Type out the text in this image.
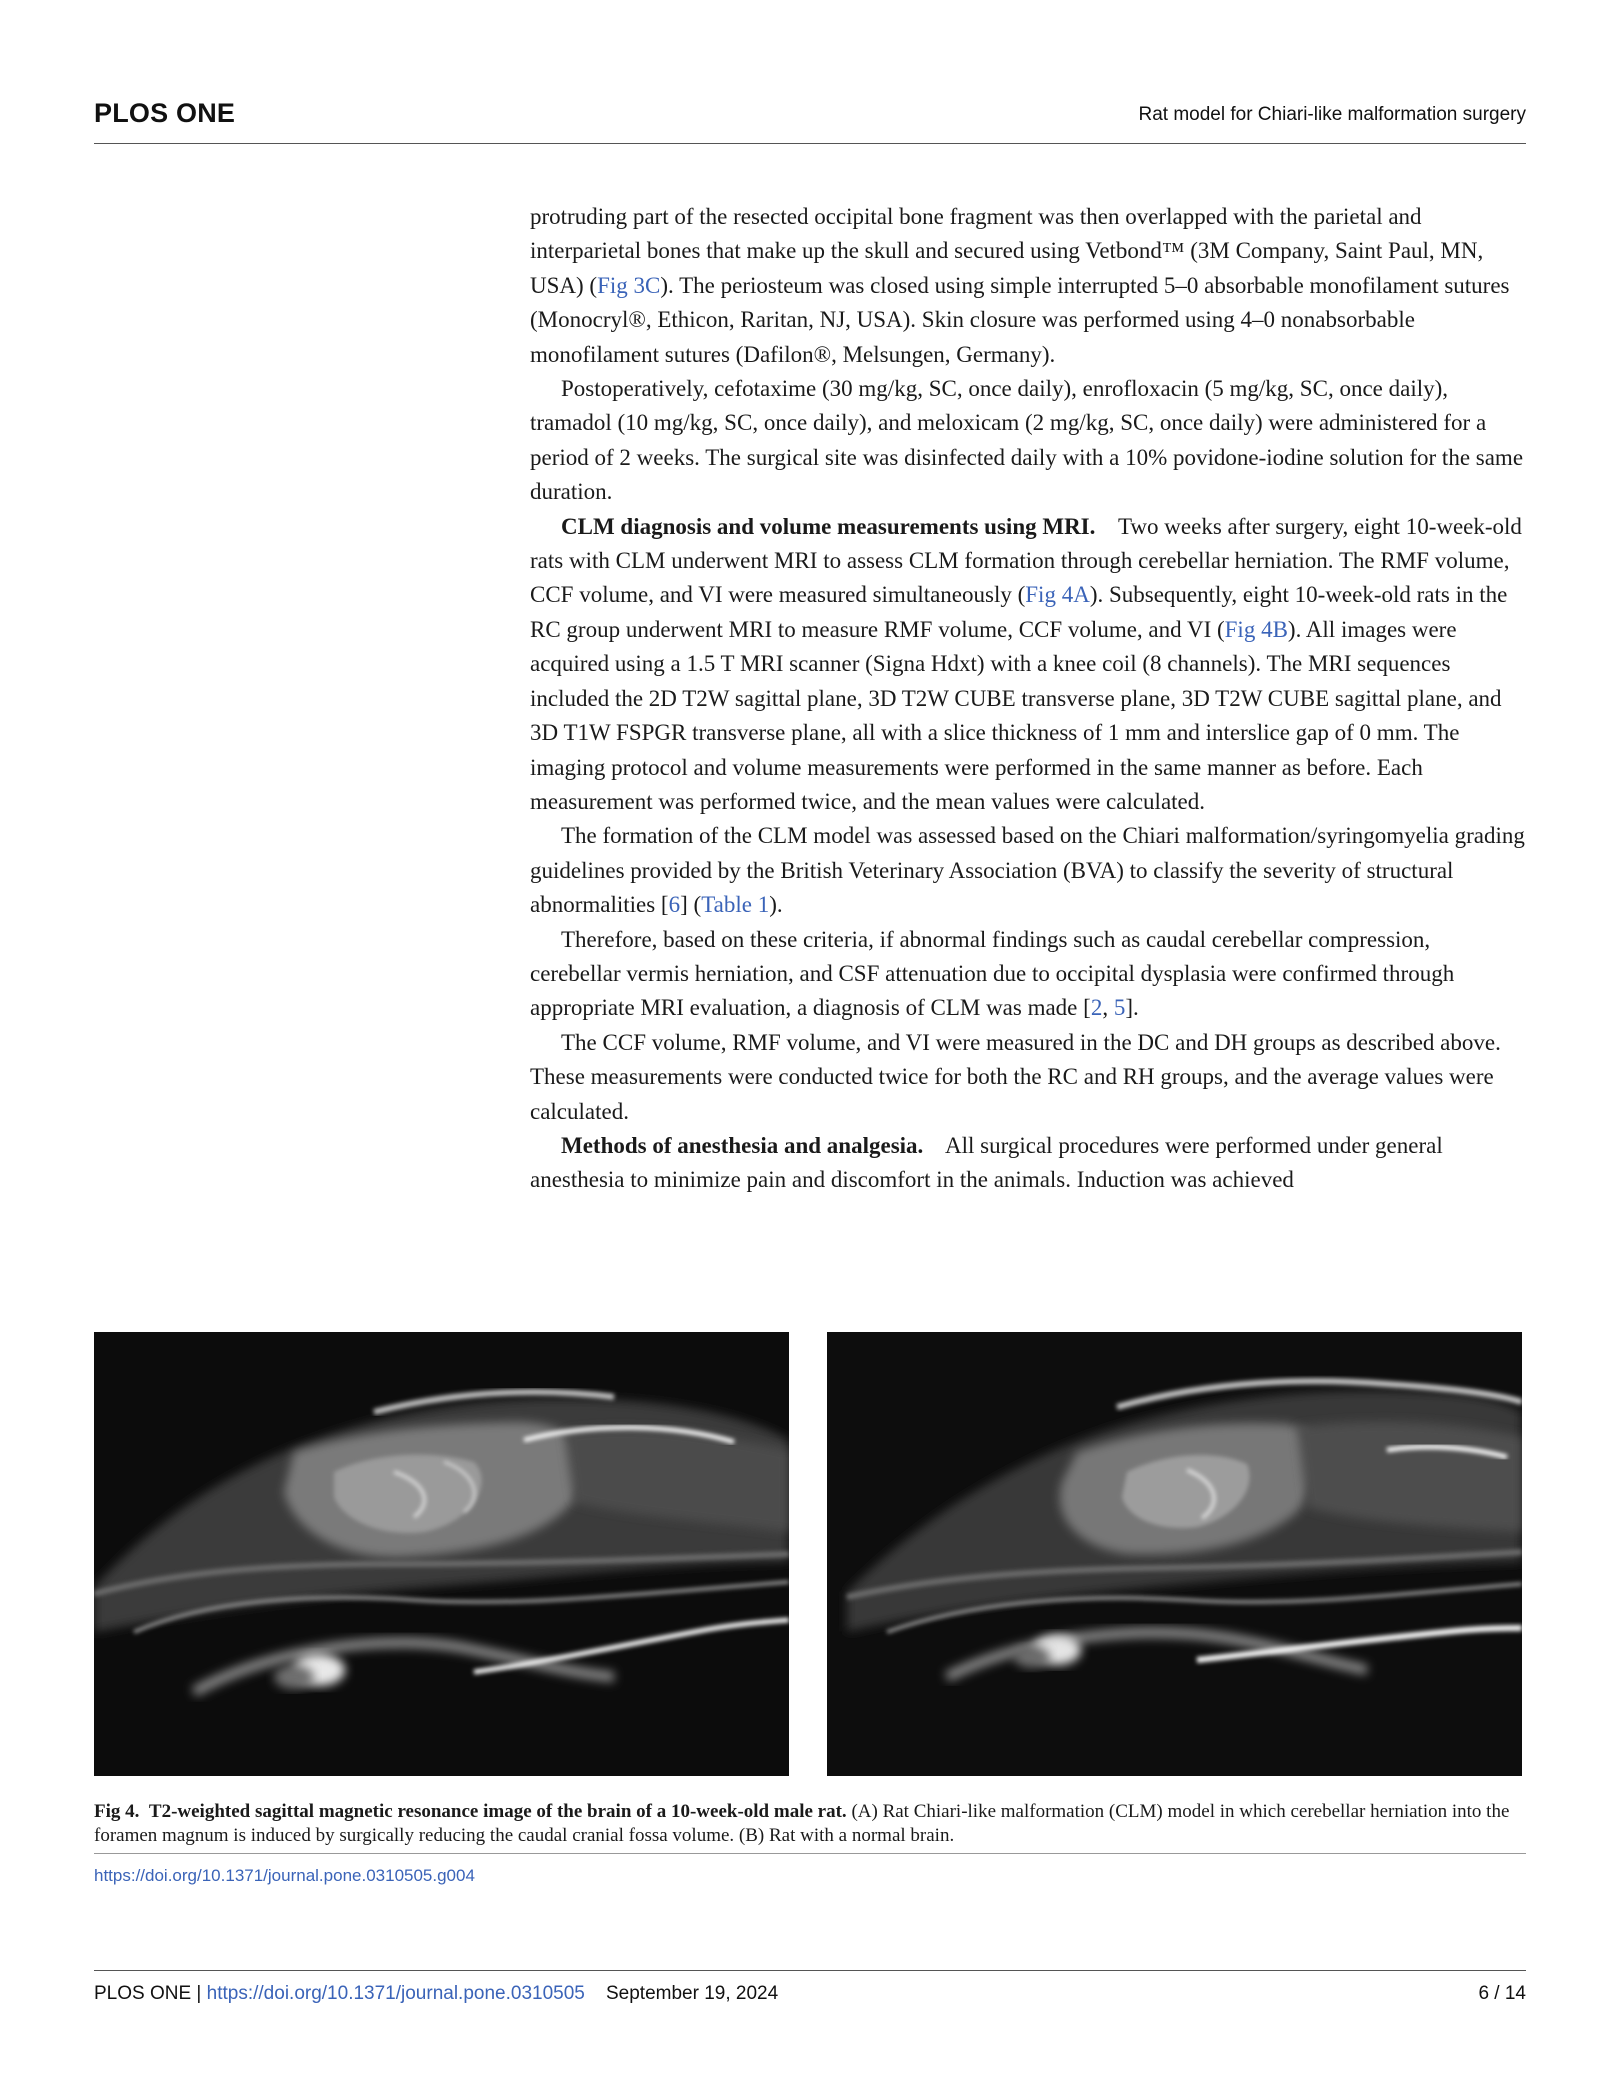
PLOS ONE	Rat model for Chiari-like malformation surgery

protruding part of the resected occipital bone fragment was then overlapped with the parietal and interparietal bones that make up the skull and secured using Vetbond™ (3M Company, Saint Paul, MN, USA) (Fig 3C). The periosteum was closed using simple interrupted 5–0 absorbable monofilament sutures (Monocryl®, Ethicon, Raritan, NJ, USA). Skin closure was performed using 4–0 nonabsorbable monofilament sutures (Dafilon®, Melsungen, Germany).

Postoperatively, cefotaxime (30 mg/kg, SC, once daily), enrofloxacin (5 mg/kg, SC, once daily), tramadol (10 mg/kg, SC, once daily), and meloxicam (2 mg/kg, SC, once daily) were administered for a period of 2 weeks. The surgical site was disinfected daily with a 10% povidone-iodine solution for the same duration.

CLM diagnosis and volume measurements using MRI. Two weeks after surgery, eight 10-week-old rats with CLM underwent MRI to assess CLM formation through cerebellar herniation. The RMF volume, CCF volume, and VI were measured simultaneously (Fig 4A). Subsequently, eight 10-week-old rats in the RC group underwent MRI to measure RMF volume, CCF volume, and VI (Fig 4B). All images were acquired using a 1.5 T MRI scanner (Signa Hdxt) with a knee coil (8 channels). The MRI sequences included the 2D T2W sagittal plane, 3D T2W CUBE transverse plane, 3D T2W CUBE sagittal plane, and 3D T1W FSPGR transverse plane, all with a slice thickness of 1 mm and interslice gap of 0 mm. The imaging protocol and volume measurements were performed in the same manner as before. Each measurement was performed twice, and the mean values were calculated.

The formation of the CLM model was assessed based on the Chiari malformation/syringomyelia grading guidelines provided by the British Veterinary Association (BVA) to classify the severity of structural abnormalities [6] (Table 1).

Therefore, based on these criteria, if abnormal findings such as caudal cerebellar compression, cerebellar vermis herniation, and CSF attenuation due to occipital dysplasia were confirmed through appropriate MRI evaluation, a diagnosis of CLM was made [2, 5].

The CCF volume, RMF volume, and VI were measured in the DC and DH groups as described above. These measurements were conducted twice for both the RC and RH groups, and the average values were calculated.

Methods of anesthesia and analgesia. All surgical procedures were performed under general anesthesia to minimize pain and discomfort in the animals. Induction was achieved

Fig 4. T2-weighted sagittal magnetic resonance image of the brain of a 10-week-old male rat. (A) Rat Chiari-like malformation (CLM) model in which cerebellar herniation into the foramen magnum is induced by surgically reducing the caudal cranial fossa volume. (B) Rat with a normal brain.
https://doi.org/10.1371/journal.pone.0310505.g004
PLOS ONE | https://doi.org/10.1371/journal.pone.0310505 September 19, 2024	6 / 14
